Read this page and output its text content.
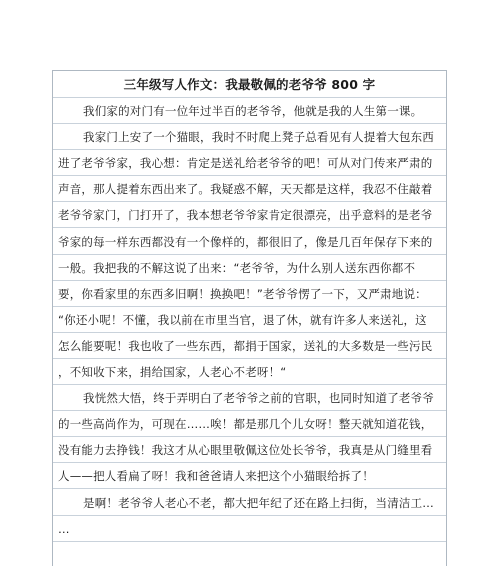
三年级写人作文：我最敬佩的老爷爷 800 字
我们家的对门有一位年过半百的老爷爷，他就是我的人生第一课。
我家门上安了一个猫眼，我时不时爬上凳子总看见有人提着大包东西
进了老爷爷家，我心想：肯定是送礼给老爷爷的吧！可从对门传来严肃的
声音，那人提着东西出来了。我疑惑不解，天天都是这样，我忍不住敲着
老爷爷家门，门打开了，我本想老爷爷家肯定很漂亮，出乎意料的是老爷
爷家的每一样东西都没有一个像样的，都很旧了，像是几百年保存下来的
一般。我把我的不解这说了出来：“老爷爷，为什么别人送东西你都不
要，你看家里的东西多旧啊！换换吧！”老爷爷愣了一下，又严肃地说：
“你还小呢！不懂，我以前在市里当官，退了休，就有许多人来送礼，这
怎么能要呢！我也收了一些东西，都捐于国家，送礼的大多数是一些污民
，不知收下来，捐给国家，人老心不老呀！“
我恍然大悟，终于弄明白了老爷爷之前的官职，也同时知道了老爷爷
的一些高尚作为，可现在……唉！都是那几个儿女呀！整天就知道花钱，
没有能力去挣钱！我这才从心眼里敬佩这位处长爷爷，我真是从门缝里看
人——把人看扁了呀！我和爸爸请人来把这个小猫眼给拆了！
是啊！老爷爷人老心不老，都大把年纪了还在路上扫街，当清洁工…
…
